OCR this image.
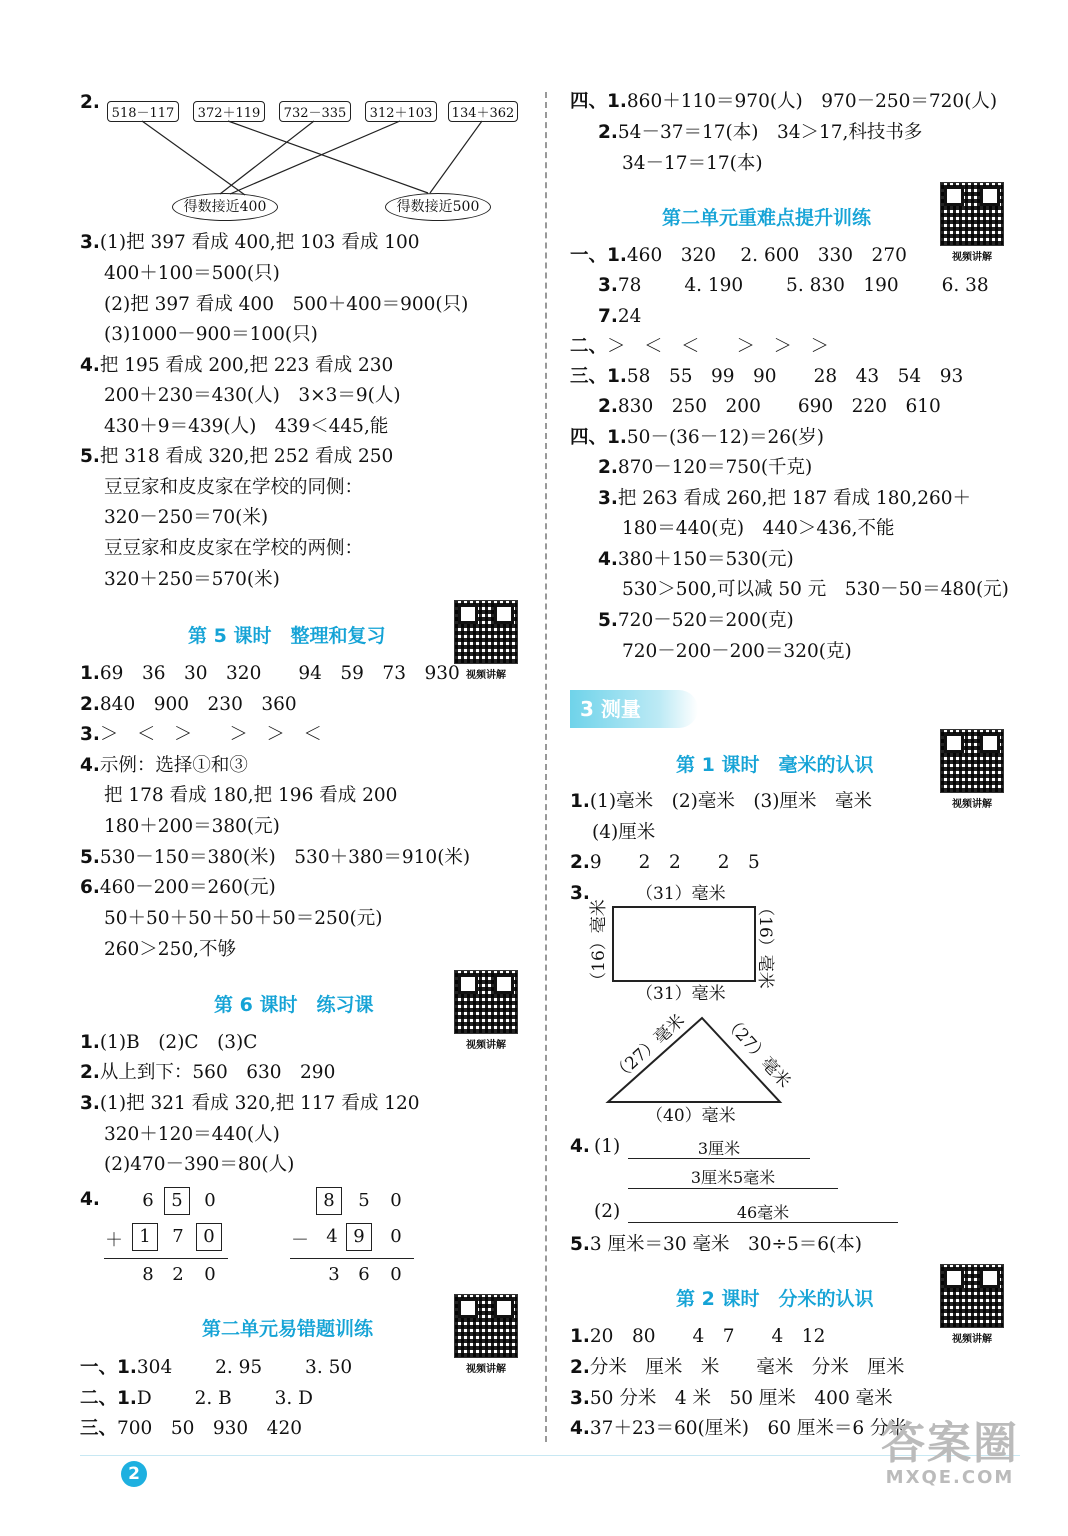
2.
518－117	372＋119	732－335	312＋103	134＋362
得数接近400	得数接近500
3.(1)把 397 看成 400,把 103 看成 100
400＋100＝500(只)
(2)把 397 看成 400　500＋400＝900(只)
(3)1000－900＝100(只)
4.把 195 看成 200,把 223 看成 230
200＋230＝430(人)　3×3＝9(人)
430＋9＝439(人)　439＜445,能
5.把 318 看成 320,把 252 看成 250
豆豆家和皮皮家在学校的同侧：
320－250＝70(米)
豆豆家和皮皮家在学校的两侧：
320＋250＝570(米)
第 5 课时　整理和复习
视频讲解
1.69　36　30　320　　94　59　73　930
2.840　900　230　360
3.＞　＜　＞　　＞　＞　＜
4.示例：选择①和③
把 178 看成 180,把 196 看成 200
180＋200＝380(元)
5.530－150＝380(米)　530＋380＝910(米)
6.460－200＝260(元)
50＋50＋50＋50＋50＝250(元)
260＞250,不够
第 6 课时　练习课
视频讲解
1.(1)B　(2)C　(3)C
2.从上到下：560　630　290
3.(1)把 321 看成 320,把 117 看成 120
320＋120＝440(人)
(2)470－390＝80(人)
4.	6 5	0
＋ 1	7	0
8	2	0
8	5	0
－ 4 9	0
3	6	0
第二单元易错题训练
视频讲解
一、1.304　　 2. 95　　 3. 50
二、1.D　　 2. B　　 3. D
三、700　50　930　420
四、1.860＋110＝970(人)　970－250＝720(人)
2.54－37＝17(本)　34＞17,科技书多
34－17＝17(本)
第二单元重难点提升训练
视频讲解
一、1.460　320　 2. 600　330　270
3.78　　 4. 190　　 5. 830　190　　 6. 38
7.24
二、＞　＜　＜　　＞　＞　＞
三、1.58　55　99　90　　28　43　54　93
2.830　250　200　　690　220　610
四、1.50－(36－12)＝26(岁)
2.870－120＝750(千克)
3.把 263 看成 260,把 187 看成 180,260＋
180＝440(克)　440＞436,不能
4.380＋150＝530(元)
530＞500,可以减 50 元　530－50＝480(元)
5.720－520＝200(克)
720－200－200＝320(克)
3 测量
第 1 课时　毫米的认识
视频讲解
1.(1)毫米　(2)毫米　(3)厘米　毫米
(4)厘米
2.9　　2　2　　2　5
3.	（31）毫米
（31）毫米
（16）毫米	（16）毫米
（27）毫米 （27）毫米
（40）毫米
4. (1)	3厘米
3厘米5毫米
(2)	46毫米
5.3 厘米＝30 毫米　30÷5＝6(本)
第 2 课时　分米的认识
视频讲解
1.20　80　　4　7　　4　12
2.分米　厘米　米　　毫米　分米　厘米
3.50 分米　4 米　50 厘米　400 毫米
4.37＋23＝60(厘米)　60 厘米＝6 分米
2
答案圈
MXQE.COM
